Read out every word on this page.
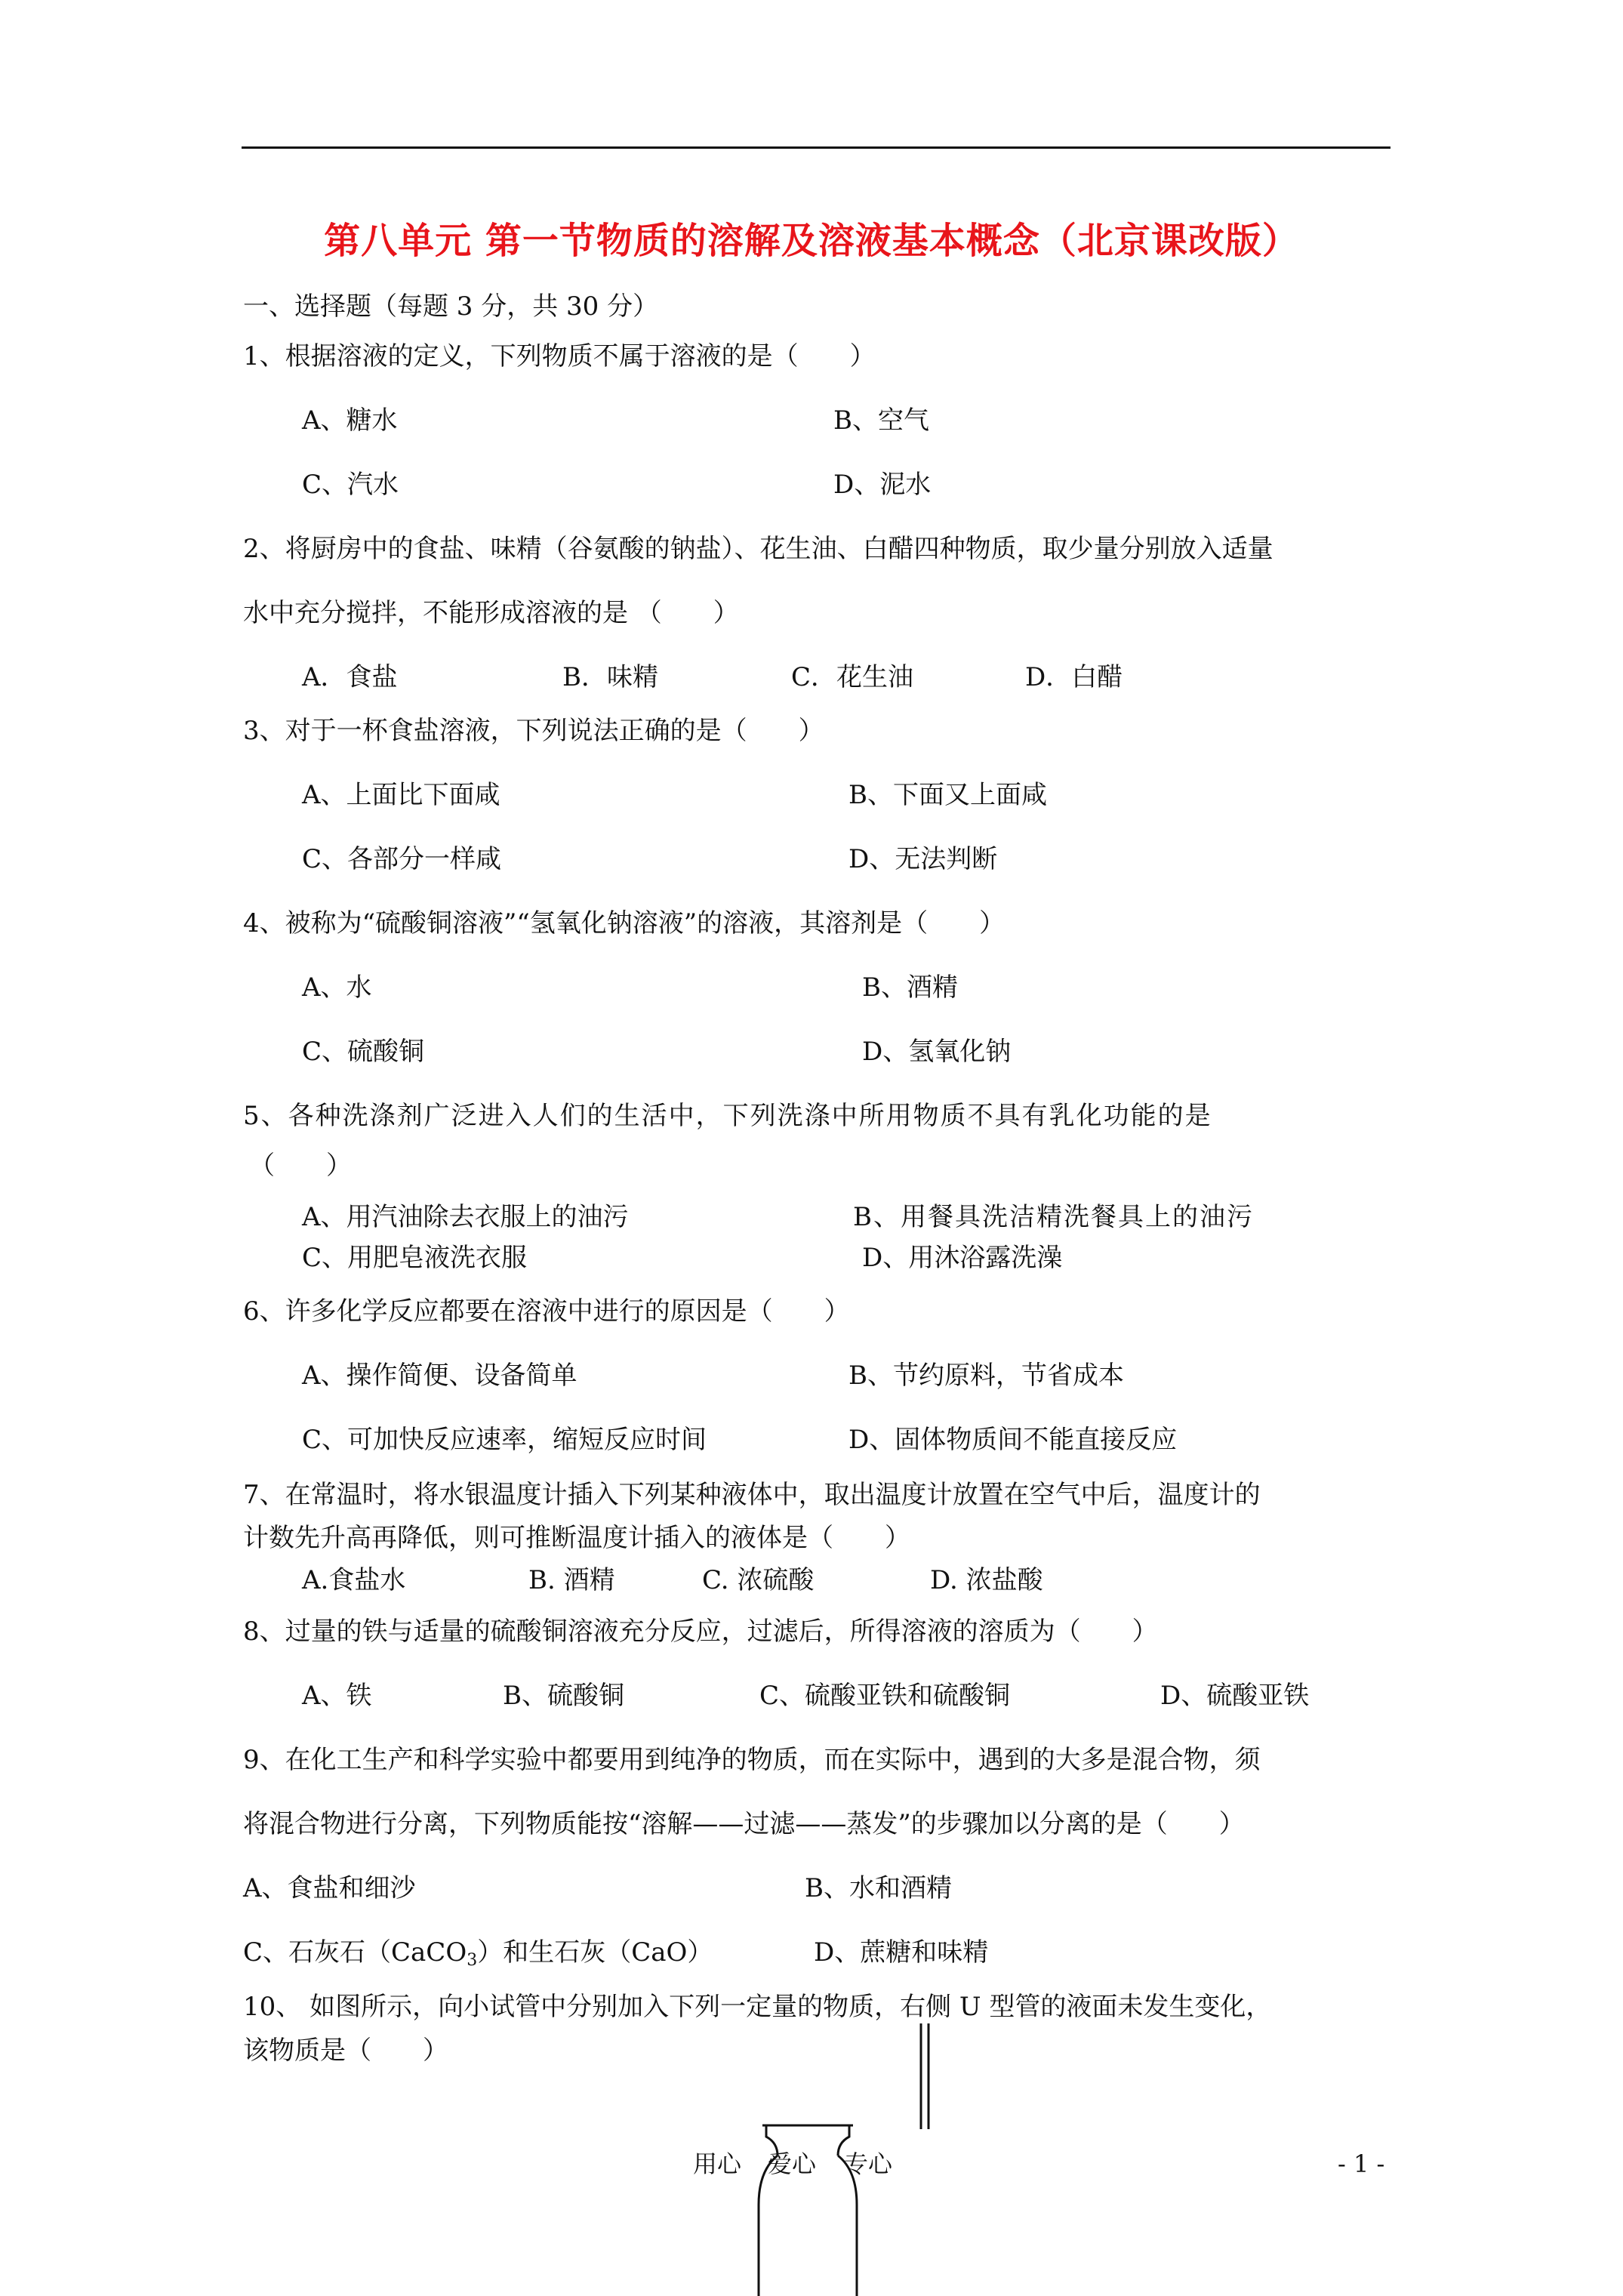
第八单元 第一节物质的溶解及溶液基本概念（北京课改版）
一、选择题（每题 3 分，共 30 分）
1、根据溶液的定义，下列物质不属于溶液的是（　　）
A、糖水	B、空气
C、汽水	D、泥水
2、将厨房中的食盐、味精（谷氨酸的钠盐）、花生油、白醋四种物质，取少量分别放入适量
水中充分搅拌，不能形成溶液的是 （　　）
A．食盐	B．味精	C．花生油	D．白醋
3、对于一杯食盐溶液，下列说法正确的是（　　）
A、上面比下面咸	B、下面又上面咸
C、各部分一样咸	D、无法判断
4、被称为“硫酸铜溶液”“氢氧化钠溶液”的溶液，其溶剂是（　　）
A、水	B、酒精
C、硫酸铜	D、氢氧化钠
5、各种洗涤剂广泛进入人们的生活中，下列洗涤中所用物质不具有乳化功能的是
（　　）
A、用汽油除去衣服上的油污	B、用餐具洗洁精洗餐具上的油污
C、用肥皂液洗衣服	D、用沐浴露洗澡
6、许多化学反应都要在溶液中进行的原因是（　　）
A、操作简便、设备简单	B、节约原料，节省成本
C、可加快反应速率，缩短反应时间	D、固体物质间不能直接反应
7、在常温时，将水银温度计插入下列某种液体中，取出温度计放置在空气中后，温度计的
计数先升高再降低，则可推断温度计插入的液体是（　　）
A.食盐水	B. 酒精	C. 浓硫酸	D. 浓盐酸
8、过量的铁与适量的硫酸铜溶液充分反应，过滤后，所得溶液的溶质为（　　）
A、铁	B、硫酸铜	C、硫酸亚铁和硫酸铜	D、硫酸亚铁
9、在化工生产和科学实验中都要用到纯净的物质，而在实际中，遇到的大多是混合物，须
将混合物进行分离，下列物质能按“溶解——过滤——蒸发”的步骤加以分离的是（　　）
A、食盐和细沙	B、水和酒精
C、石灰石（CaCO$_3$）和生石灰（CaO）	D、蔗糖和味精
10、 如图所示，向小试管中分别加入下列一定量的物质，右侧 U 型管的液面未发生变化，
该物质是（　　）
用心 爱心 专心	- 1 -
